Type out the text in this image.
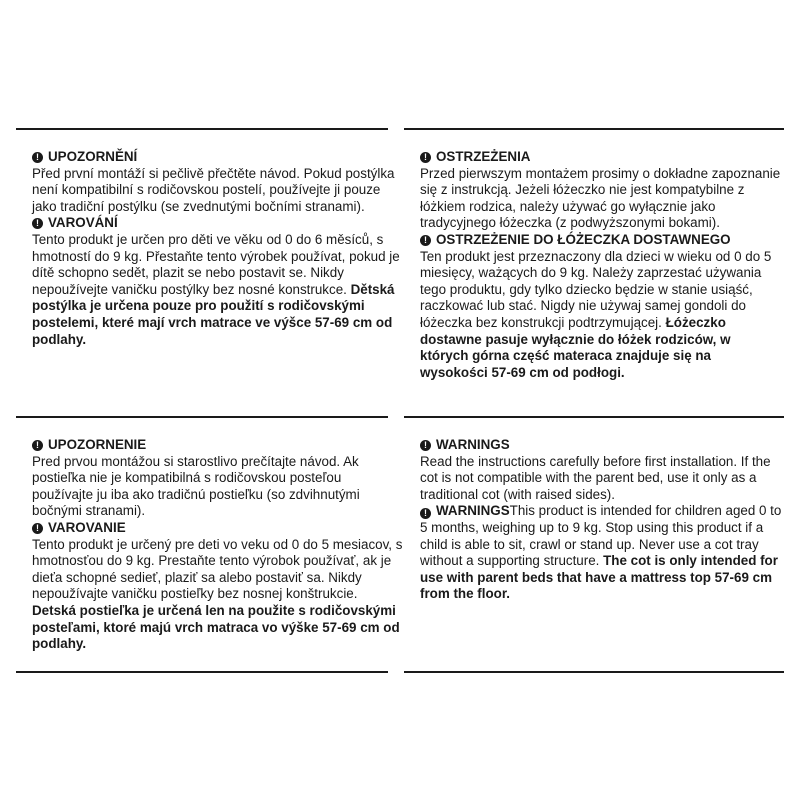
! UPOZORNĚNÍ

Před první montáží si pečlivě přečtěte návod. Pokud postýlka není kompatibilní s rodičovskou postelí, používejte ji pouze jako tradiční postýlku (se zvednutými bočními stranami).

! VAROVÁNÍ

Tento produkt je určen pro děti ve věku od 0 do 6 měsíců, s hmotností do 9 kg. Přestaňte tento výrobek používat, pokud je dítě schopno sedět, plazit se nebo postavit se. Nikdy nepoužívejte vaničku postýlky bez nosné konstrukce. Dětská postýlka je určena pouze pro použití s rodičovskými postelemi, které mají vrch matrace ve výšce 57-69 cm od podlahy.

! OSTRZEŻENIA

Przed pierwszym montażem prosimy o dokładne zapoznanie się z instrukcją. Jeżeli łóżeczko nie jest kompatybilne z łóżkiem rodzica, należy używać go wyłącznie jako tradycyjnego łóżeczka (z podwyższonymi bokami).

! OSTRZEŻENIE DO ŁÓŻECZKA DOSTAWNEGO

Ten produkt jest przeznaczony dla dzieci w wieku od 0 do 5 miesięcy, ważących do 9 kg. Należy zaprzestać używania tego produktu, gdy tylko dziecko będzie w stanie usiąść, raczkować lub stać. Nigdy nie używaj samej gondoli do łóżeczka bez konstrukcji podtrzymującej. Łóżeczko dostawne pasuje wyłącznie do łóżek rodziców, w których górna część materaca znajduje się na wysokości 57-69 cm od podłogi.

! UPOZORNENIE

Pred prvou montážou si starostlivo prečítajte návod. Ak postieľka nie je kompatibilná s rodičovskou posteľou používajte ju iba ako tradičnú postieľku (so zdvihnutými bočnými stranami).

! VAROVANIE

Tento produkt je určený pre deti vo veku od 0 do 5 mesiacov, s hmotnosťou do 9 kg. Prestaňte tento výrobok používať, ak je dieťa schopné sedieť, plaziť sa alebo postaviť sa. Nikdy nepoužívajte vaničku postieľky bez nosnej konštrukcie. Detská postieľka je určená len na použite s rodičovskými posteľami, ktoré majú vrch matraca vo výške 57-69 cm od podlahy.

! WARNINGS

Read the instructions carefully before first installation. If the cot is not compatible with the parent bed, use it only as a traditional cot (with raised sides).

! WARNINGSThis product is intended for children aged 0 to 5 months, weighing up to 9 kg. Stop using this product if a child is able to sit, crawl or stand up. Never use a cot tray without a supporting structure. The cot is only intended for use with parent beds that have a mattress top 57-69 cm from the floor.
